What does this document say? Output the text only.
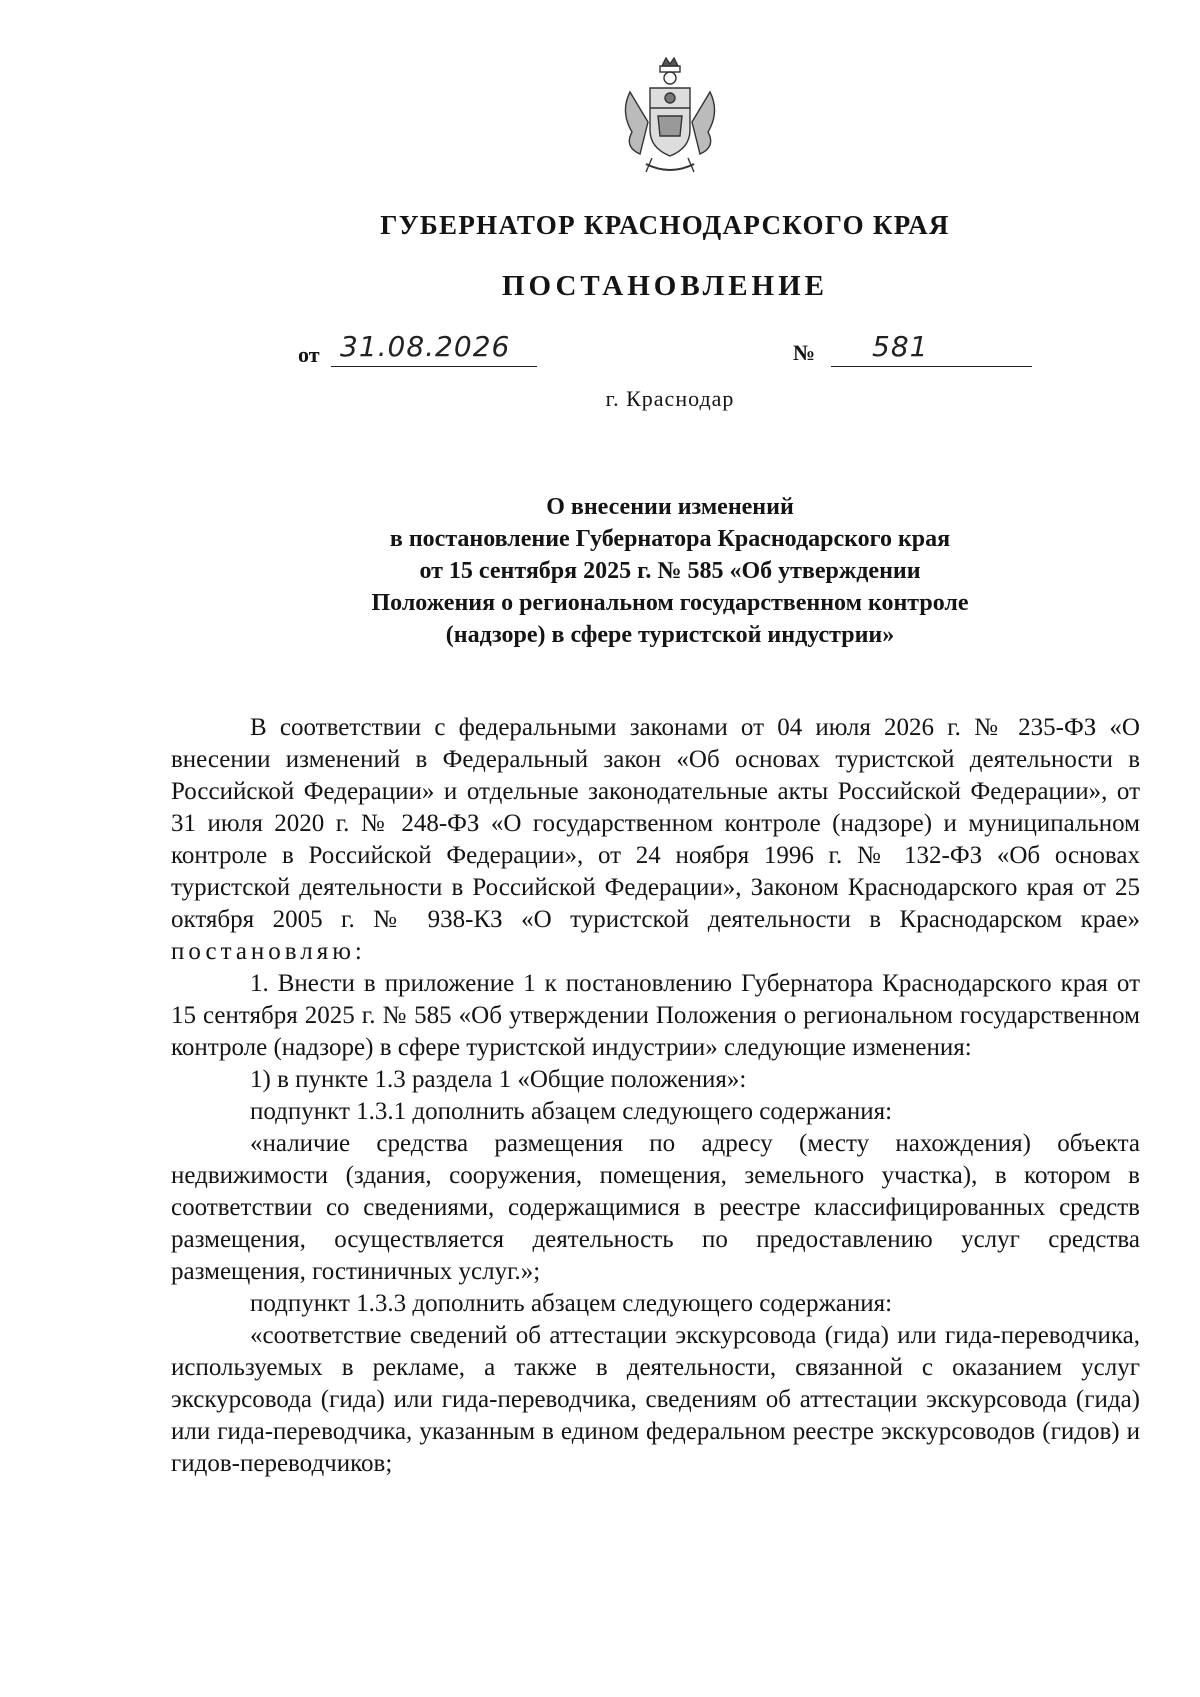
ГУБЕРНАТОР КРАСНОДАРСКОГО КРАЯ
ПОСТАНОВЛЕНИЕ
от 31.08.2026	№ 581
г. Краснодар
О внесении изменений
в постановление Губернатора Краснодарского края
от 15 сентября 2025 г. № 585 «Об утверждении
Положения о региональном государственном контроле
(надзоре) в сфере туристской индустрии»

В соответствии с федеральными законами от 04 июля 2026 г. № 235-ФЗ «О внесении изменений в Федеральный закон «Об основах туристской деятельности в Российской Федерации» и отдельные законодательные акты Российской Федерации», от 31 июля 2020 г. № 248-ФЗ «О государственном контроле (надзоре) и муниципальном контроле в Российской Федерации», от 24 ноября 1996 г. № 132-ФЗ «Об основах туристской деятельности в Российской Федерации», Законом Краснодарского края от 25 октября 2005 г. № 938-КЗ «О туристской деятельности в Краснодарском крае» постановляю:

1. Внести в приложение 1 к постановлению Губернатора Краснодарского края от 15 сентября 2025 г. № 585 «Об утверждении Положения о региональном государственном контроле (надзоре) в сфере туристской индустрии» следующие изменения:

1) в пункте 1.3 раздела 1 «Общие положения»:

подпункт 1.3.1 дополнить абзацем следующего содержания:

«наличие средства размещения по адресу (месту нахождения) объекта недвижимости (здания, сооружения, помещения, земельного участка), в котором в соответствии со сведениями, содержащимися в реестре классифицированных средств размещения, осуществляется деятельность по предоставлению услуг средства размещения, гостиничных услуг.»;

подпункт 1.3.3 дополнить абзацем следующего содержания:

«соответствие сведений об аттестации экскурсовода (гида) или гида-переводчика, используемых в рекламе, а также в деятельности, связанной с оказанием услуг экскурсовода (гида) или гида-переводчика, сведениям об аттестации экскурсовода (гида) или гида-переводчика, указанным в едином федеральном реестре экскурсоводов (гидов) и гидов-переводчиков;
